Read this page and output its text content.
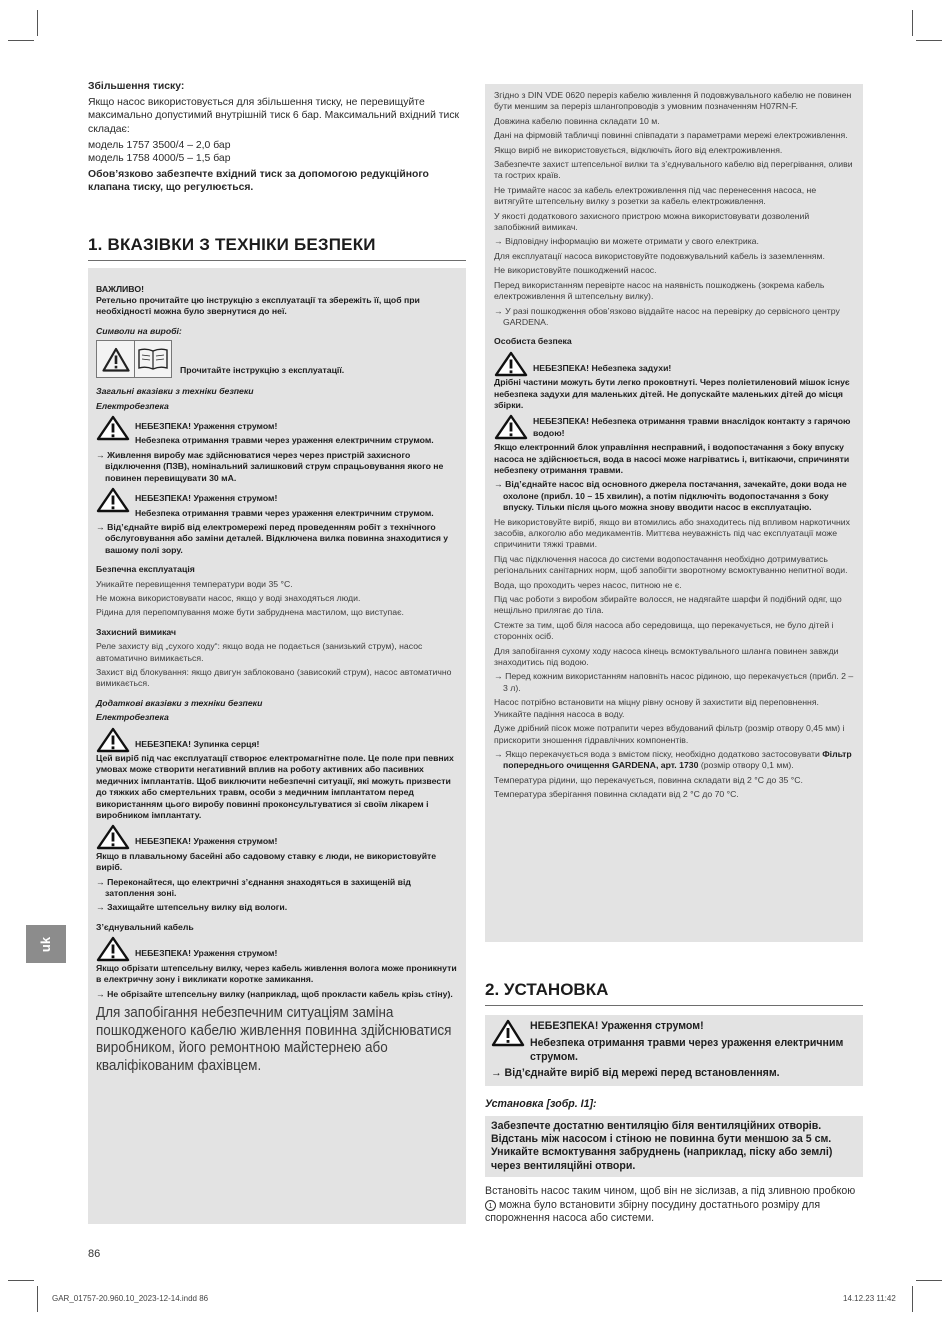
Збільшення тиску:

Якщо насос використовується для збільшення тиску, не перевищуйте максимально допустимий внутрішній тиск 6 бар. Максимальний вхідний тиск складає:

модель 1757 3500/4 – 2,0 бар

модель 1758 4000/5 – 1,5 бар

Обов’язково забезпечте вхідний тиск за допомогою редукційного клапана тиску, що регулюється.

1. ВКАЗІВКИ З ТЕХНІКИ БЕЗПЕКИ
ВАЖЛИВО!
Ретельно прочитайте цю інструкцію з експлуатації та збережіть її, щоб при необхідності можна було звернутися до неї.
Символи на виробі:
Прочитайте інструкцію з експлуатації.
Загальні вказівки з техніки безпеки
Електробезпека
НЕБЕЗПЕКА! Ураження струмом!
Небезпека отримання травми через ураження електричним струмом.
→ Живлення виробу має здійснюватися через через пристрій захисного відключення (ПЗВ), номінальний залишковий струм спрацьовування якого не повинен перевищувати 30 мА.
НЕБЕЗПЕКА! Ураження струмом!
Небезпека отримання травми через ураження електричним струмом.
→ Від’єднайте виріб від електромережі перед проведенням робіт з технічного обслуговування або заміни деталей. Відключена вилка повинна знаходитися у вашому полі зору.
Безпечна експлуатація
Уникайте перевищення температури води 35 °C.
Не можна використовувати насос, якщо у воді знаходяться люди.
Рідина для перепомпування може бути забруднена мастилом, що виступає.
Захисний вимикач
Реле захисту від „сухого ходу“: якщо вода не подається (занизький струм), насос автоматично вимикається.
Захист від блокування: якщо двигун заблоковано (зависокий струм), насос автоматично вимикається.
Додаткові вказівки з техніки безпеки
Електробезпека
НЕБЕЗПЕКА! Зупинка серця!
Цей виріб під час експлуатації створює електромагнітне поле. Це поле при певних умовах може створити негативний вплив на роботу активних або пасивних медичних імплантатів. Щоб виключити небезпечні ситуації, які можуть призвести до тяжких або смертельних травм, особи з медичним імплантатом перед використанням цього виробу повинні проконсультуватися зі своїм лікарем і виробником імплантату.
НЕБЕЗПЕКА! Ураження струмом!
Якщо в плавальному басейні або садовому ставку є люди, не використовуйте виріб.
→ Переконайтеся, що електричні з’єднання знаходяться в захищеній від затоплення зоні.
→ Захищайте штепсельну вилку від вологи.
З’єднувальний кабель
НЕБЕЗПЕКА! Ураження струмом!
Якщо обрізати штепсельну вилку, через кабель живлення волога може проникнути в електричну зону і викликати коротке замикання.
→ Не обрізайте штепсельну вилку (наприклад, щоб прокласти кабель крізь стіну).
Для запобігання небезпечним ситуаціям заміна пошкодженого кабелю живлення повинна здійснюватися виробником, його ремонтною майстернею або кваліфікованим фахівцем.
Згідно з DIN VDE 0620 переріз кабелю живлення й подовжувального кабелю не повинен бути меншим за переріз шлангопроводів з умовним позначенням H07RN-F.
Довжина кабелю повинна складати 10 м.
Дані на фірмовій табличці повинні співпадати з параметрами мережі електроживлення.
Якщо виріб не використовується, відключіть його від електроживлення.
Забезпечте захист штепсельної вилки та з’єднувального кабелю від перегрівання, оливи та гострих країв.
Не тримайте насос за кабель електроживлення під час перенесення насоса, не витягуйте штепсельну вилку з розетки за кабель електроживлення.
У якості додаткового захисного пристрою можна використовувати дозволений запобіжний вимикач.
→ Відповідну інформацію ви можете отримати у свого електрика.
Для експлуатації насоса використовуйте подовжувальний кабель із заземленням.
Не використовуйте пошкоджений насос.
Перед використанням перевірте насос на наявність пошкоджень (зокрема кабель електроживлення й штепсельну вилку).
→ У разі пошкодження обов’язково віддайте насос на перевірку до сервісного центру GARDENA.
Особиста безпека
НЕБЕЗПЕКА! Небезпека задухи!
Дрібні частини можуть бути легко проковтнуті. Через поліетиленовий мішок існує небезпека задухи для маленьких дітей. Не допускайте маленьких дітей до місця збірки.
НЕБЕЗПЕКА! Небезпека отримання травми внаслідок контакту з гарячою водою!
Якщо електронний блок управління несправний, і водопостачання з боку впуску насоса не здійснюється, вода в насосі може нагріватись і, витікаючи, спричиняти небезпеку отримання травми.
→ Від’єднайте насос від основного джерела постачання, зачекайте, доки вода не охолоне (прибл. 10 – 15 хвилин), а потім підключіть водопостачання з боку впуску. Тільки після цього можна знову вводити насос в експлуатацію.
Не використовуйте виріб, якщо ви втомились або знаходитесь під впливом наркотичних засобів, алкоголю або медикаментів. Миттєва неуважність під час експлуатації може спричинити тяжкі травми.
Під час підключення насоса до системи водопостачання необхідно дотримуватись регіональних санітарних норм, щоб запобігти зворотному всмоктуванню непитної води.
Вода, що проходить через насос, питною не є.
Під час роботи з виробом збирайте волосся, не надягайте шарфи й подібний одяг, що нещільно прилягає до тіла.
Стежте за тим, щоб біля насоса або середовища, що перекачується, не було дітей і сторонніх осіб.
Для запобігання сухому ходу насоса кінець всмоктувального шланга повинен завжди знаходитись під водою.
→ Перед кожним використанням наповніть насос рідиною, що перекачується (прибл. 2 – 3 л).
Насос потрібно встановити на міцну рівну основу й захистити від переповнення. Уникайте падіння насоса в воду.
Дуже дрібний пісок може потрапити через вбудований фільтр (розмір отвору 0,45 мм) і прискорити зношення гідравлічних компонентів.
→ Якщо перекачується вода з вмістом піску, необхідно додатково застосовувати Фільтр попереднього очищення GARDENA, арт. 1730 (розмір отвору 0,1 мм).
Температура рідини, що перекачується, повинна складати від 2 °C до 35 °C.
Температура зберігання повинна складати від 2 °C до 70 °C.
2. УСТАНОВКА
НЕБЕЗПЕКА! Ураження струмом!
Небезпека отримання травми через ураження електричним струмом.
→ Від’єднайте виріб від мережі перед встановленням.
Установка [зобр. I1]:
Забезпечте достатню вентиляцію біля вентиляційних отворів. Відстань між насосом і стіною не повинна бути меншою за 5 см. Уникайте всмоктування забруднень (наприклад, піску або землі) через вентиляційні отвори.
Встановіть насос таким чином, щоб він не зіслизав, а під зливною пробкою 1 можна було встановити збірну посудину достатнього розміру для спорожнення насоса або системи.
uk
86
GAR_01757-20.960.10_2023-12-14.indd 86	14.12.23 11:42
